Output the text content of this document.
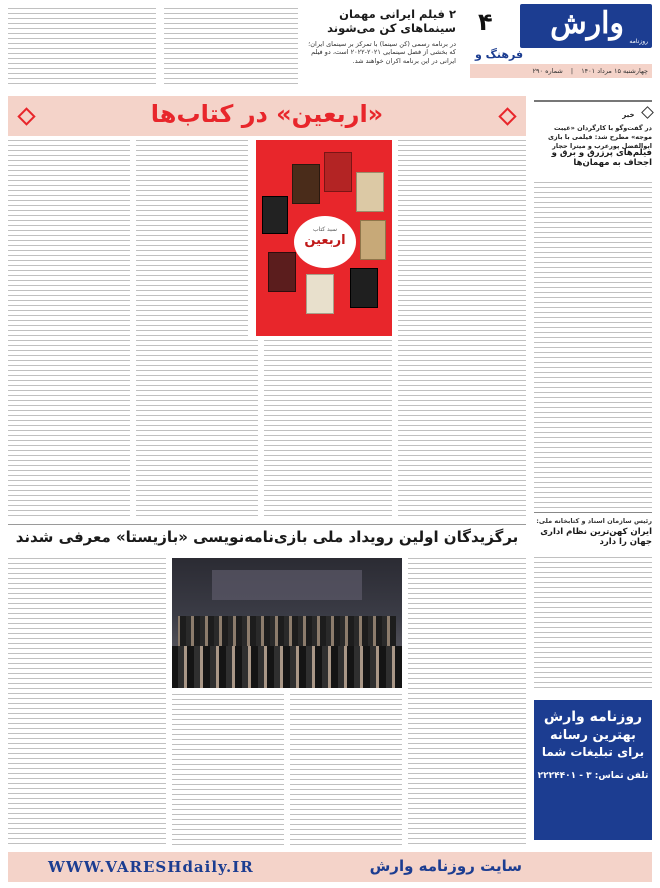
وارش
روزنامه
۴
فرهنگ و
چهارشنبه ۱۵ مرداد ۱۴۰۱ | شماره ۲۹۰
۲ فیلم ایرانی مهمان سینماهای کن می‌شوند
در برنامه رسمی (کن سینما) با تمرکز بر سینمای ایران؛ که بخشی از فصل سینمایی ۲۰۲۱-۲۰۲۲ است، دو فیلم ایرانی در این برنامه اکران خواهند شد.
خبر
در گفت‌وگو با کارگردان «غیبت موجه» مطرح شد: فیلمی با بازی ابوالفضل پورعرب و میترا حجار
فیلم‌های پرزرق و برق و اجحاف به مهمان‌ها
«اربعین» در کتاب‌ها
سبد کتاب
اربعین
رئیس سازمان اسناد و کتابخانه ملی:
ایران کهن‌ترین نظام اداری جهان را دارد
برگزیدگان اولین رویداد ملی بازی‌نامه‌نویسی «بازیستا» معرفی شدند
روزنامه وارش
بهترین رسانه
برای تبلیغات شما
تلفن تماس: ۳ - ۲۲۲۴۴۰۱
سایت روزنامه وارش
WWW.VARESHdaily.IR
